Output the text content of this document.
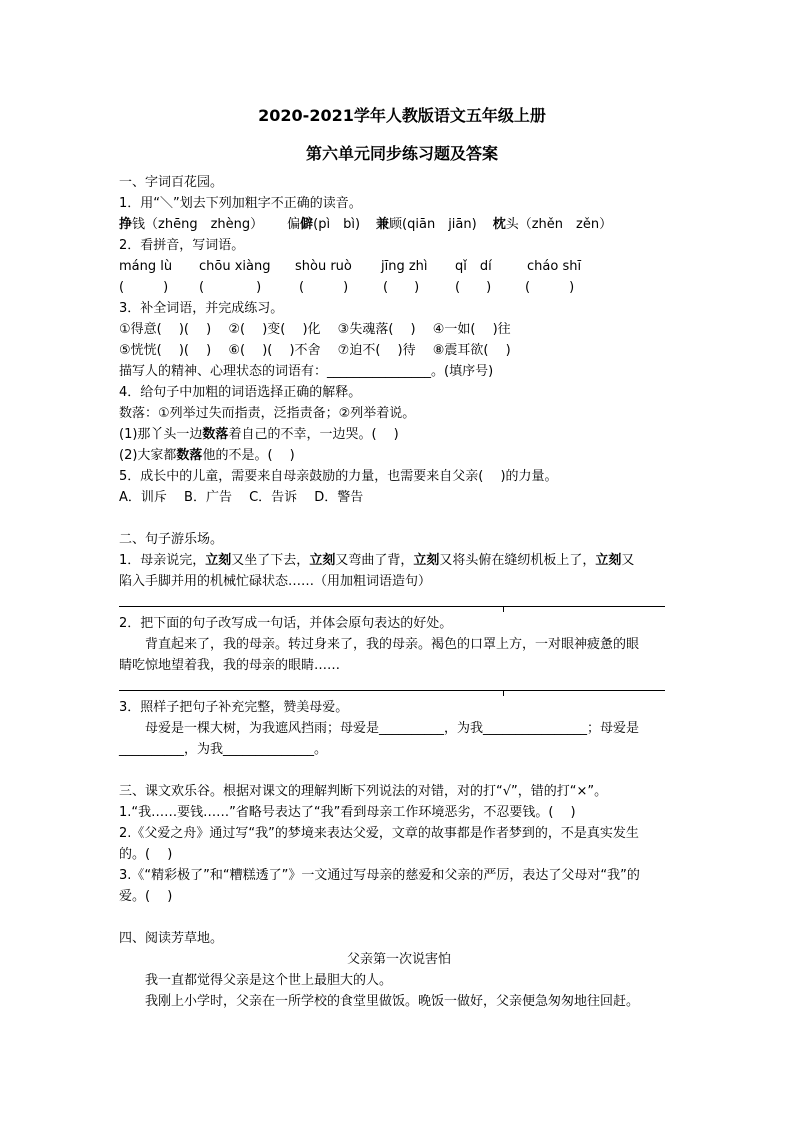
2020-2021学年人教版语文五年级上册
第六单元同步练习题及答案
一、字词百花园。
1．用“＼”划去下列加粗字不正确的读音。
挣钱（zhēng　zhèng） 偏僻(pì　bì) 兼顾(qiān　jiān) 枕头（zhěn　zěn）
2．看拼音，写词语。
máng lù chōu xiàng shòu ruò jīng zhì qǐ　dí	cháo shī
(　　　) (　　　　)	(　　　)	(　　)	(　　)	(　　　)
3．补全词语，并完成练习。
①得意(　 )(　 )　 ②(　 )变(　 )化　 ③失魂落(　 )　 ④一如(　 )往
⑤恍恍(　 )(　 )　 ⑥(　 )(　 )不舍　 ⑦迫不(　 )待　 ⑧震耳欲(　 )
描写人的精神、心理状态的词语有：________________。(填序号)
4．给句子中加粗的词语选择正确的解释。
数落：①列举过失而指责，泛指责备；②列举着说。
(1)那丫头一边数落着自己的不幸，一边哭。(　 )
(2)大家都数落他的不是。(　 )
5．成长中的儿童，需要来自母亲鼓励的力量，也需要来自父亲(　 )的力量。
A．训斥　 B．广告　 C．告诉　 D．警告
二、句子游乐场。
1．母亲说完，立刻又坐了下去，立刻又弯曲了背，立刻又将头俯在缝纫机板上了，立刻又
陷入手脚并用的机械忙碌状态……（用加粗词语造句）
2．把下面的句子改写成一句话，并体会原句表达的好处。
背直起来了，我的母亲。转过身来了，我的母亲。褐色的口罩上方，一对眼神疲惫的眼
睛吃惊地望着我，我的母亲的眼睛……
3．照样子把句子补充完整，赞美母爱。
母爱是一棵大树，为我遮风挡雨；母爱是__________，为我________________；母爱是
__________，为我______________。
三、课文欢乐谷。根据对课文的理解判断下列说法的对错，对的打“√”，错的打“×”。
1.“我……要钱……”省略号表达了“我”看到母亲工作环境恶劣，不忍要钱。(　 )
2.《父爱之舟》通过写“我”的梦境来表达父爱，文章的故事都是作者梦到的，不是真实发生
的。(　 )
3.《“精彩极了”和“糟糕透了”》一文通过写母亲的慈爱和父亲的严厉，表达了父母对“我”的
爱。(　 )
四、阅读芳草地。
父亲第一次说害怕
我一直都觉得父亲是这个世上最胆大的人。
我刚上小学时，父亲在一所学校的食堂里做饭。晚饭一做好，父亲便急匆匆地往回赶。
